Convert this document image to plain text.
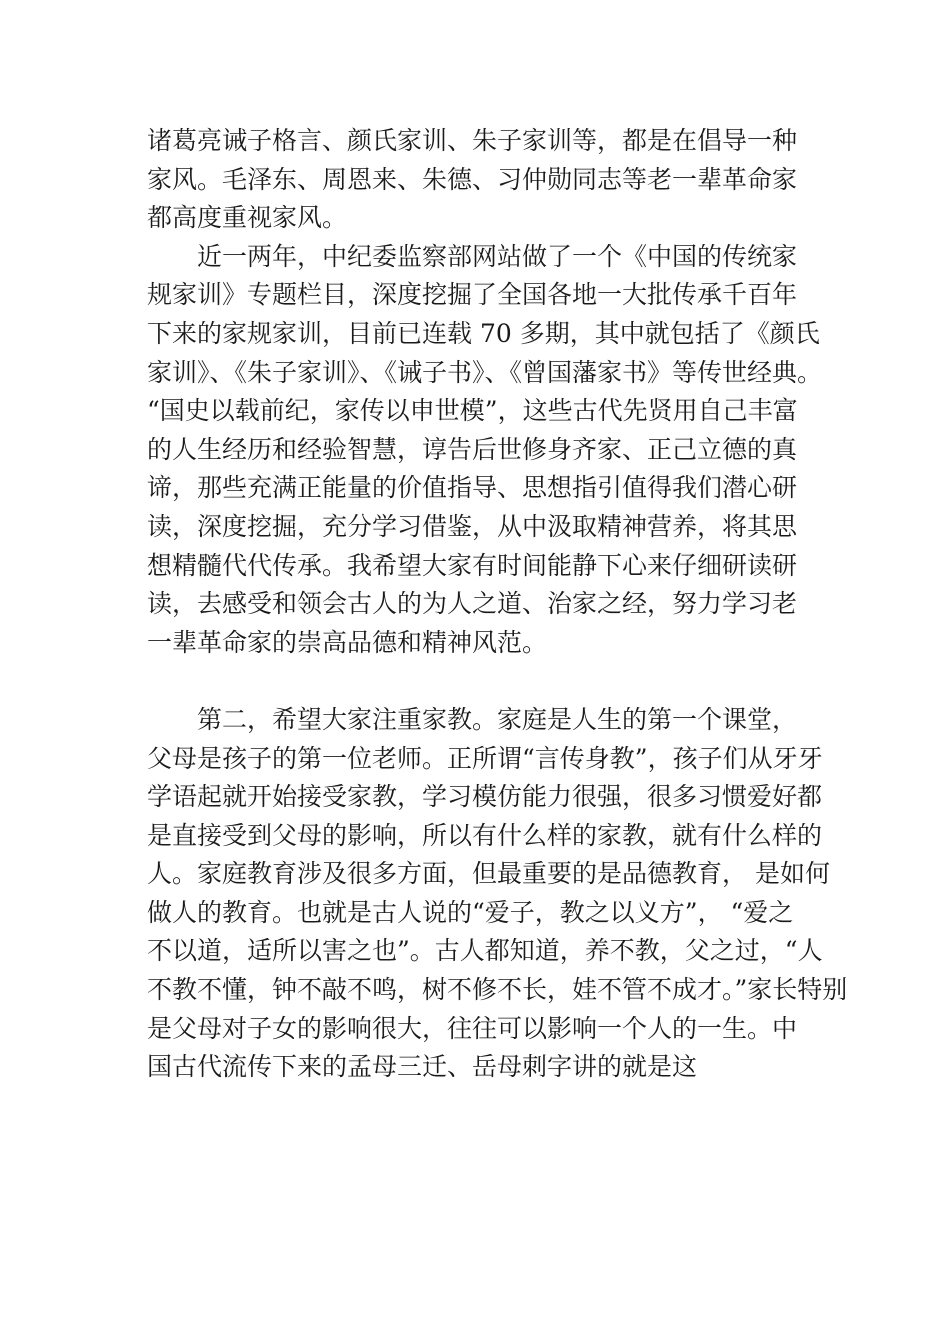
诸葛亮诫子格言、颜氏家训、朱子家训等，都是在倡导一种
家风。毛泽东、周恩来、朱德、习仲勋同志等老一辈革命家
都高度重视家风。

近一两年，中纪委监察部网站做了一个《中国的传统家
规家训》专题栏目，深度挖掘了全国各地一大批传承千百年
下来的家规家训，目前已连载 70 多期，其中就包括了《颜氏
家训》、《朱子家训》、《诫子书》、《曾国藩家书》等传世经典。
“国史以载前纪，家传以申世模”，这些古代先贤用自己丰富
的人生经历和经验智慧，谆告后世修身齐家、正己立德的真
谛，那些充满正能量的价值指导、思想指引值得我们潜心研
读，深度挖掘，充分学习借鉴，从中汲取精神营养，将其思
想精髓代代传承。我希望大家有时间能静下心来仔细研读研
读，去感受和领会古人的为人之道、治家之经，努力学习老
一辈革命家的崇高品德和精神风范。

第二，希望大家注重家教。家庭是人生的第一个课堂，
父母是孩子的第一位老师。正所谓“言传身教”，孩子们从牙牙
学语起就开始接受家教，学习模仿能力很强，很多习惯爱好都
是直接受到父母的影响，所以有什么样的家教，就有什么样的
人。家庭教育涉及很多方面，但最重要的是品德教育， 是如何
做人的教育。也就是古人说的“爱子，教之以义方”， “爱之
不以道，适所以害之也”。古人都知道，养不教，父之过，“人
不教不懂，钟不敲不鸣，树不修不长，娃不管不成才。”家长特别
是父母对子女的影响很大，往往可以影响一个人的一生。中
国古代流传下来的孟母三迁、岳母刺字讲的就是这
